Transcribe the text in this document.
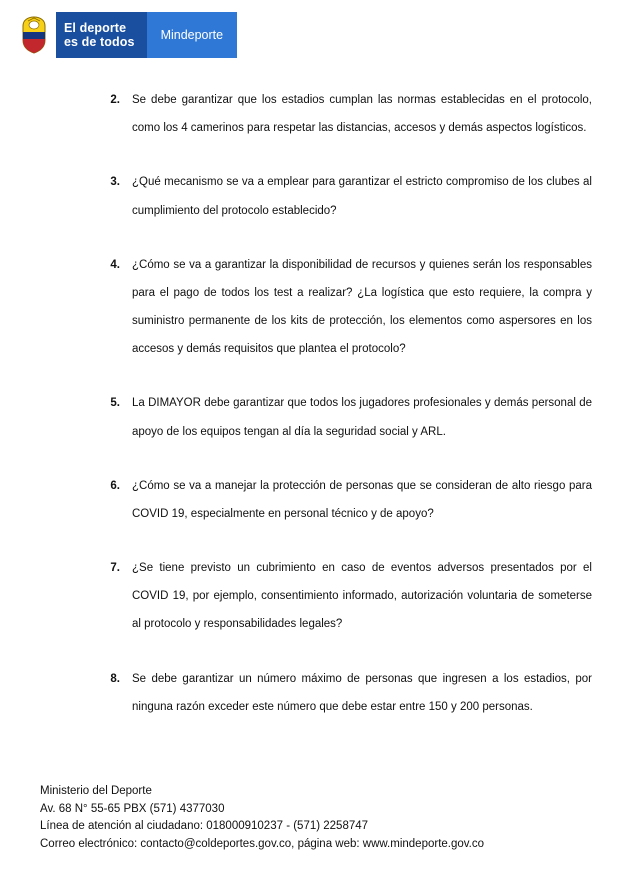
El deporte
es de todos	Mindeporte
2.	Se debe garantizar que los estadios cumplan las normas establecidas en el protocolo, como los 4 camerinos para respetar las distancias, accesos y demás aspectos logísticos.
3.	¿Qué mecanismo se va a emplear para garantizar el estricto compromiso de los clubes al cumplimiento del protocolo establecido?
4.	¿Cómo se va a garantizar la disponibilidad de recursos y quienes serán los responsables para el pago de todos los test a realizar? ¿La logística que esto requiere, la compra y suministro permanente de los kits de protección, los elementos como aspersores en los accesos y demás requisitos que plantea el protocolo?
5.	La DIMAYOR debe garantizar que todos los jugadores profesionales y demás personal de apoyo de los equipos tengan al día la seguridad social y ARL.
6.	¿Cómo se va a manejar la protección de personas que se consideran de alto riesgo para COVID 19, especialmente en personal técnico y de apoyo?
7.	¿Se tiene previsto un cubrimiento en caso de eventos adversos presentados por el COVID 19, por ejemplo, consentimiento informado, autorización voluntaria de someterse al protocolo y responsabilidades legales?
8.	Se debe garantizar un número máximo de personas que ingresen a los estadios, por ninguna razón exceder este número que debe estar entre 150 y 200 personas.
Ministerio del Deporte
Av. 68 N° 55-65 PBX (571) 4377030
Línea de atención al ciudadano: 018000910237 - (571) 2258747
Correo electrónico: contacto@coldeportes.gov.co, página web: www.mindeporte.gov.co
